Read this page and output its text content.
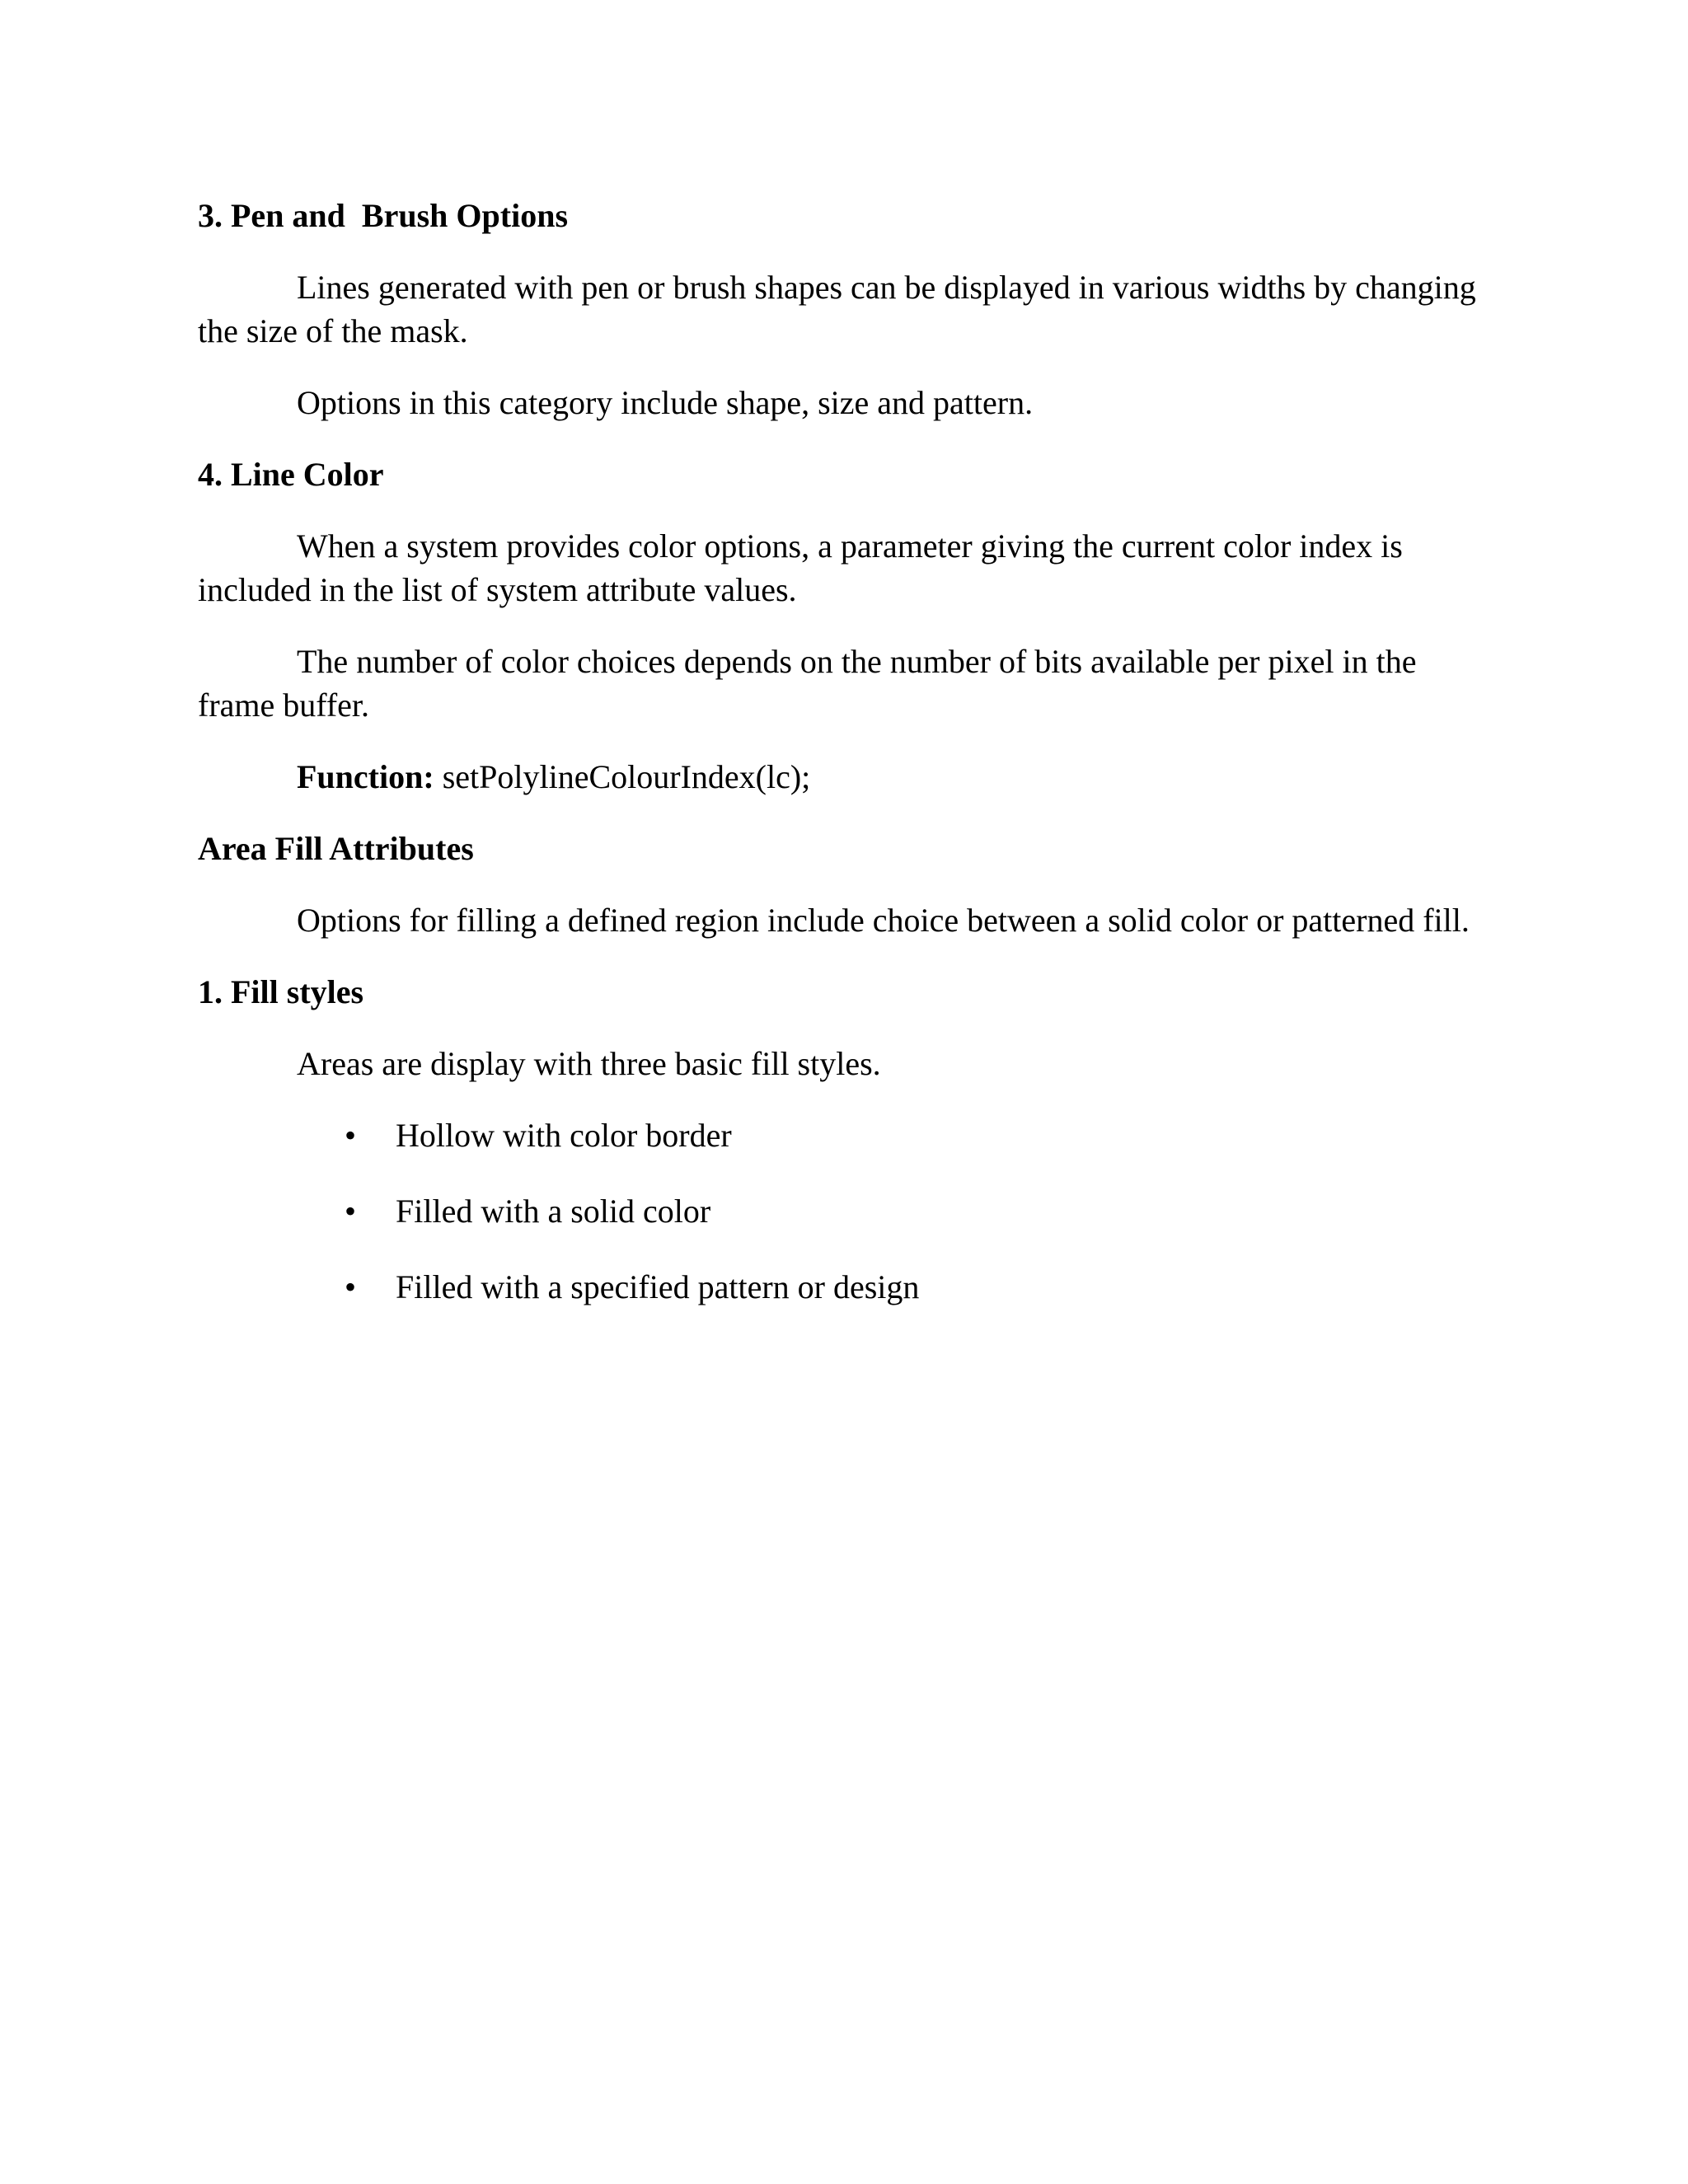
3. Pen and  Brush Options

Lines generated with pen or brush shapes can be displayed in various widths by changing the size of the mask.

Options in this category include shape, size and pattern.

4. Line Color

When a system provides color options, a parameter giving the current color index is included in the list of system attribute values.

The number of color choices depends on the number of bits available per pixel in the frame buffer.

Function: setPolylineColourIndex(lc);

Area Fill Attributes

Options for filling a defined region include choice between a solid color or patterned fill.

1. Fill styles

Areas are display with three basic fill styles.

• Hollow with color border
• Filled with a solid color
• Filled with a specified pattern or design
